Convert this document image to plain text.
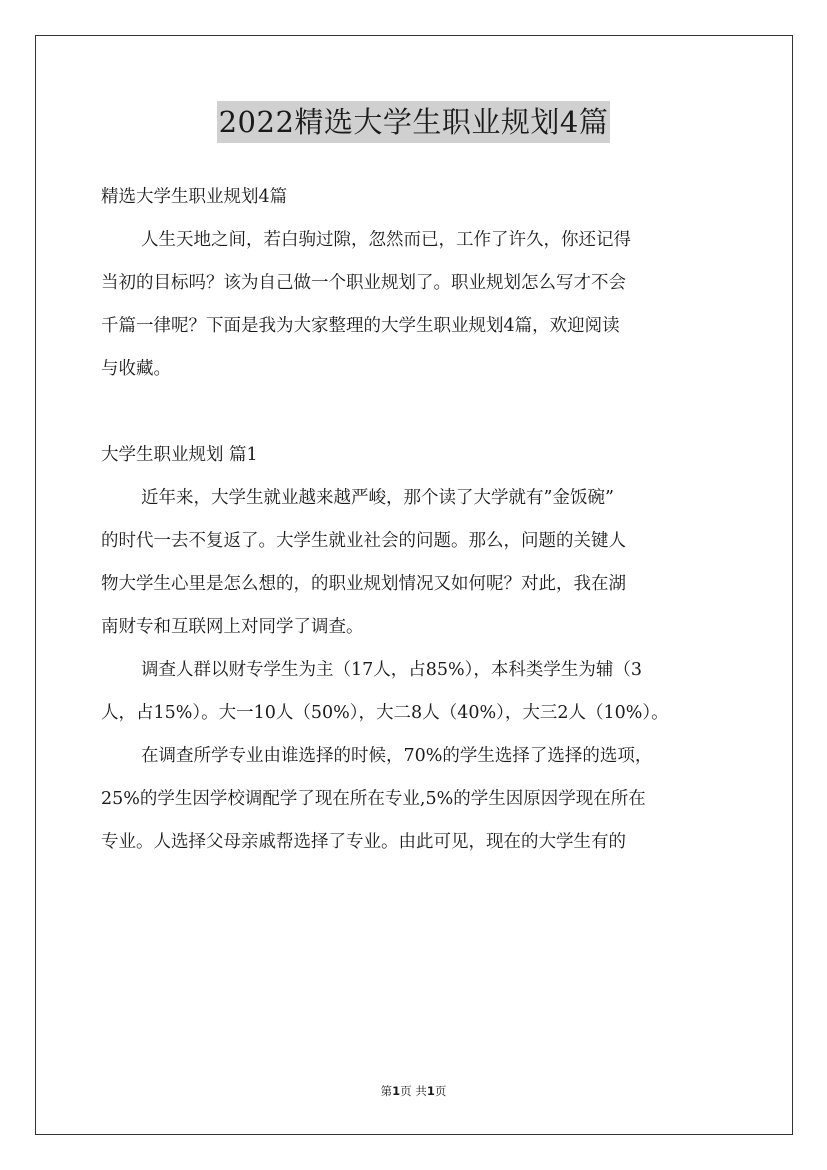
2022精选大学生职业规划4篇

精选大学生职业规划4篇

人生天地之间，若白驹过隙，忽然而已，工作了许久，你还记得

当初的目标吗？该为自己做一个职业规划了。职业规划怎么写才不会

千篇一律呢？下面是我为大家整理的大学生职业规划4篇，欢迎阅读

与收藏。

大学生职业规划 篇1

近年来，大学生就业越来越严峻，那个读了大学就有”金饭碗”

的时代一去不复返了。大学生就业社会的问题。那么，问题的关键人

物大学生心里是怎么想的，的职业规划情况又如何呢？对此，我在湖

南财专和互联网上对同学了调查。

调查人群以财专学生为主（17人，占85%），本科类学生为辅（3

人，占15%）。大一10人（50%），大二8人（40%），大三2人（10%）。

在调查所学专业由谁选择的时候，70%的学生选择了选择的选项，

25%的学生因学校调配学了现在所在专业,5%的学生因原因学现在所在

专业。人选择父母亲戚帮选择了专业。由此可见，现在的大学生有的

第1页 共1页
